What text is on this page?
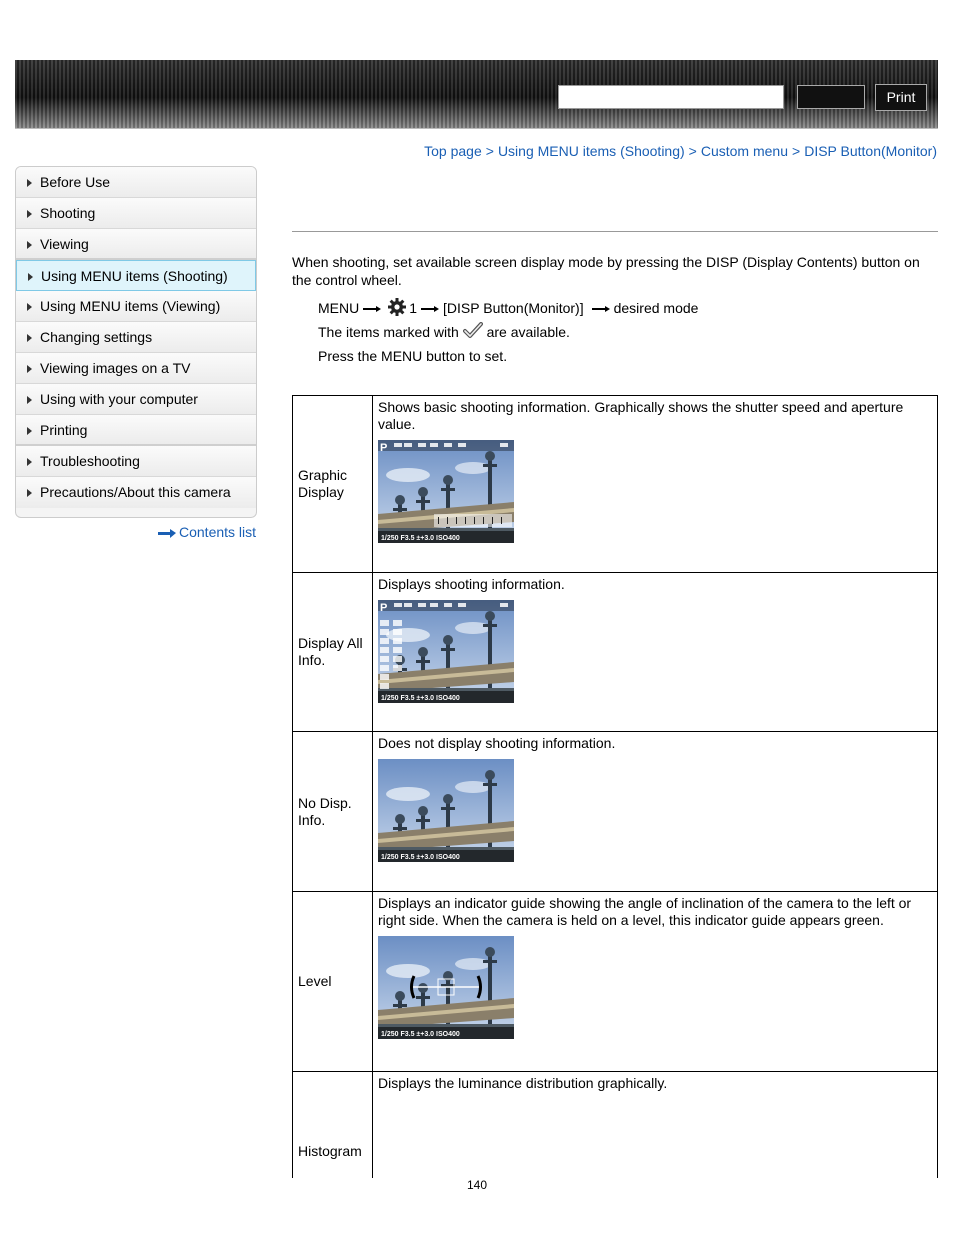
Print
Top page > Using MENU items (Shooting) > Custom menu > DISP Button(Monitor)
Before Use
Shooting
Viewing
Using MENU items (Shooting)
Using MENU items (Viewing)
Changing settings
Viewing images on a TV
Using with your computer
Printing
Troubleshooting
Precautions/About this camera
Contents list
When shooting, set available screen display mode by pressing the DISP (Display Contents) button on the control wheel.
MENU	1 [DISP Button(Monitor)] desired mode
The items marked with are available.
Press the MENU button to set.
Graphic Display	Shows basic shooting information. Graphically shows the shutter speed and aperture value.
1/250 F3.5 ±+3.0 ISO400
P

Display All Info.	Displays shooting information.
1/250 F3.5 ±+3.0 ISO400
P

No Disp. Info.	Does not display shooting information.
1/250 F3.5 ±+3.0 ISO400

Level	Displays an indicator guide showing the angle of inclination of the camera to the left or right side. When the camera is held on a level, this indicator guide appears green.
1/250 F3.5 ±+3.0 ISO400

Histogram	Displays the luminance distribution graphically.
140
